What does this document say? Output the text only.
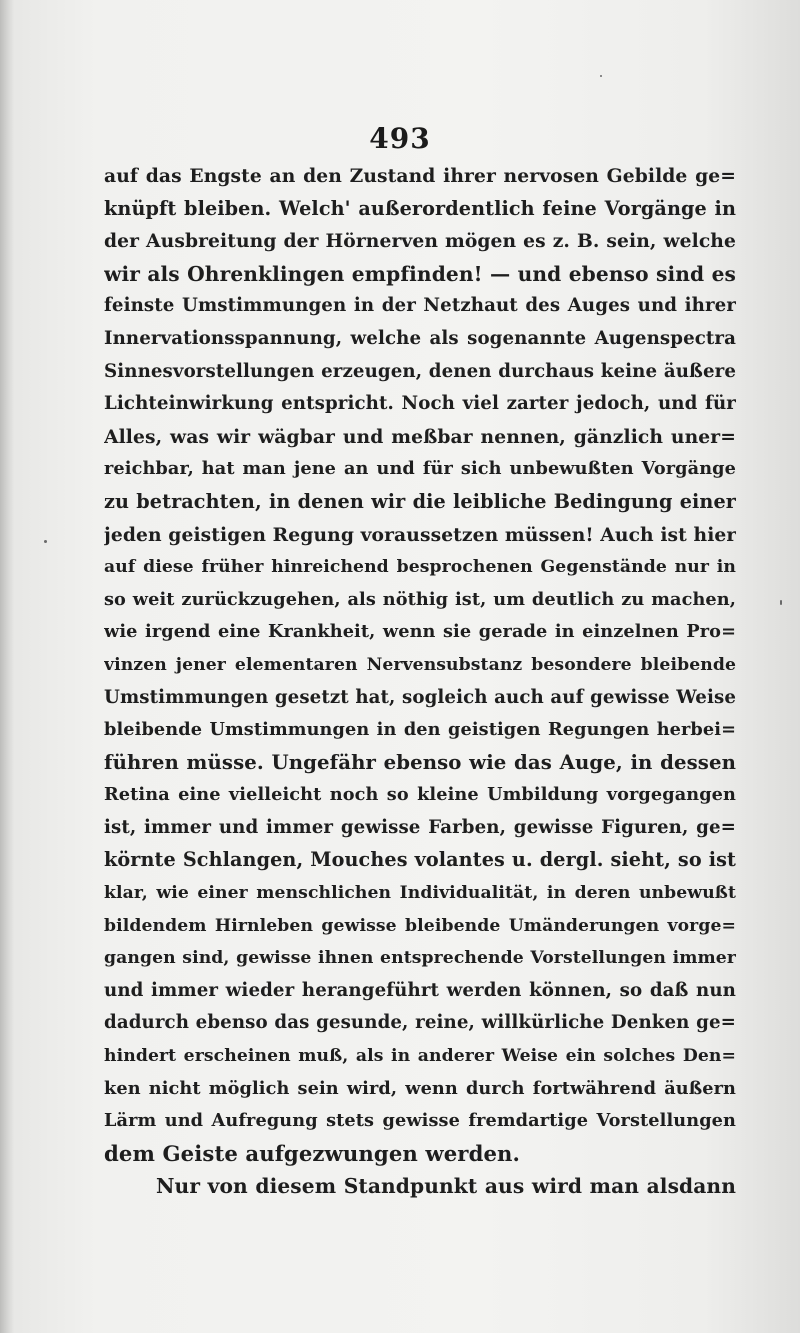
493
auf das Engste an den Zustand ihrer nervosen Gebilde ge=
knüpft bleiben. Welch' außerordentlich feine Vorgänge in
der Ausbreitung der Hörnerven mögen es z. B. sein, welche
wir als Ohrenklingen empfinden! — und ebenso sind es
feinste Umstimmungen in der Netzhaut des Auges und ihrer
Innervationsspannung, welche als sogenannte Augenspectra
Sinnesvorstellungen erzeugen, denen durchaus keine äußere
Lichteinwirkung entspricht. Noch viel zarter jedoch, und für
Alles, was wir wägbar und meßbar nennen, gänzlich uner=
reichbar, hat man jene an und für sich unbewußten Vorgänge
zu betrachten, in denen wir die leibliche Bedingung einer
jeden geistigen Regung voraussetzen müssen! Auch ist hier
auf diese früher hinreichend besprochenen Gegenstände nur in
so weit zurückzugehen, als nöthig ist, um deutlich zu machen,
wie irgend eine Krankheit, wenn sie gerade in einzelnen Pro=
vinzen jener elementaren Nervensubstanz besondere bleibende
Umstimmungen gesetzt hat, sogleich auch auf gewisse Weise
bleibende Umstimmungen in den geistigen Regungen herbei=
führen müsse. Ungefähr ebenso wie das Auge, in dessen
Retina eine vielleicht noch so kleine Umbildung vorgegangen
ist, immer und immer gewisse Farben, gewisse Figuren, ge=
körnte Schlangen, Mouches volantes u. dergl. sieht, so ist
klar, wie einer menschlichen Individualität, in deren unbewußt
bildendem Hirnleben gewisse bleibende Umänderungen vorge=
gangen sind, gewisse ihnen entsprechende Vorstellungen immer
und immer wieder herangeführt werden können, so daß nun
dadurch ebenso das gesunde, reine, willkürliche Denken ge=
hindert erscheinen muß, als in anderer Weise ein solches Den=
ken nicht möglich sein wird, wenn durch fortwährend äußern
Lärm und Aufregung stets gewisse fremdartige Vorstellungen
dem Geiste aufgezwungen werden.
Nur von diesem Standpunkt aus wird man alsdann
